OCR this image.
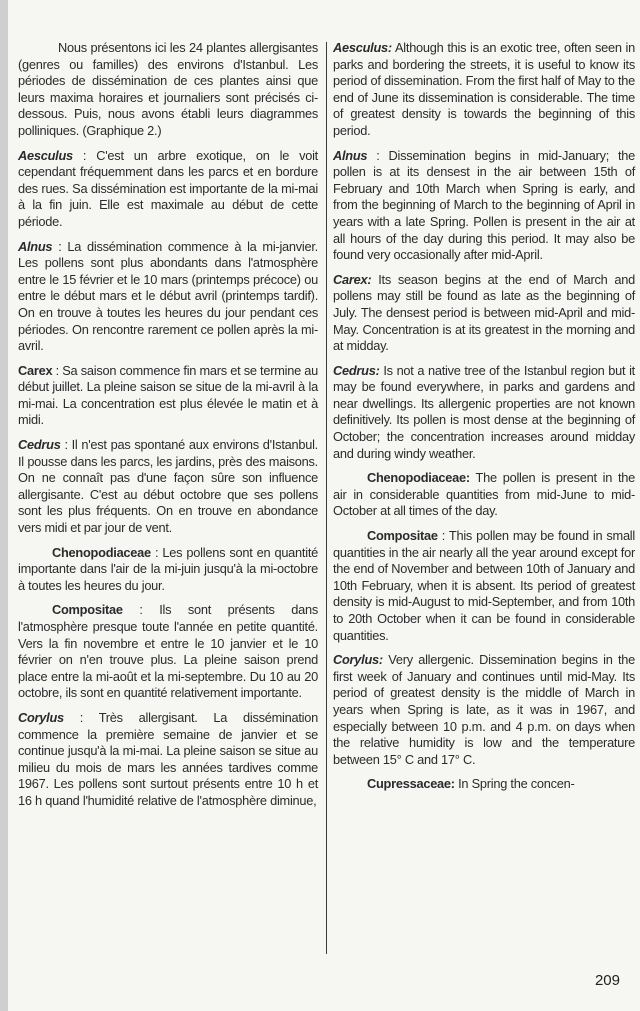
Nous présentons ici les 24 plantes allergisantes (genres ou familles) des environs d'Istanbul. Les périodes de dissémination de ces plantes ainsi que leurs maxima horaires et journaliers sont précisés ci-dessous. Puis, nous avons établi leurs diagrammes polliniques. (Graphique 2.)

Aesculus : C'est un arbre exotique, on le voit cependant fréquemment dans les parcs et en bordure des rues. Sa dissémination est importante de la mi-mai à la fin juin. Elle est maximale au début de cette période.

Alnus : La dissémination commence à la mi-janvier. Les pollens sont plus abondants dans l'atmosphère entre le 15 février et le 10 mars (printemps précoce) ou entre le début mars et le début avril (printemps tardif). On en trouve à toutes les heures du jour pendant ces périodes. On rencontre rarement ce pollen après la mi-avril.

Carex : Sa saison commence fin mars et se termine au début juillet. La pleine saison se situe de la mi-avril à la mi-mai. La concentration est plus élevée le matin et à midi.

Cedrus : Il n'est pas spontané aux environs d'Istanbul. Il pousse dans les parcs, les jardins, près des maisons. On ne connaît pas d'une façon sûre son influence allergisante. C'est au début octobre que ses pollens sont les plus fréquents. On en trouve en abondance vers midi et par jour de vent.

Chenopodiaceae : Les pollens sont en quantité importante dans l'air de la mi-juin jusqu'à la mi-octobre à toutes les heures du jour.

Compositae : Ils sont présents dans l'atmosphère presque toute l'année en petite quantité. Vers la fin novembre et entre le 10 janvier et le 10 février on n'en trouve plus. La pleine saison prend place entre la mi-août et la mi-septembre. Du 10 au 20 octobre, ils sont en quantité relativement importante.

Corylus : Très allergisant. La dissémination commence la première semaine de janvier et se continue jusqu'à la mi-mai. La pleine saison se situe au milieu du mois de mars les années tardives comme 1967. Les pollens sont surtout présents entre 10 h et 16 h quand l'humidité relative de l'atmosphère diminue,

Aesculus: Although this is an exotic tree, often seen in parks and bordering the streets, it is useful to know its period of dissemination. From the first half of May to the end of June its dissemination is considerable. The time of greatest density is towards the beginning of this period.

Alnus : Dissemination begins in mid-January; the pollen is at its densest in the air between 15th of February and 10th March when Spring is early, and from the beginning of March to the beginning of April in years with a late Spring. Pollen is present in the air at all hours of the day during this period. It may also be found very occasionally after mid-April.

Carex: Its season begins at the end of March and pollens may still be found as late as the beginning of July. The densest period is between mid-April and mid-May. Concentration is at its greatest in the morning and at midday.

Cedrus: Is not a native tree of the Istanbul region but it may be found everywhere, in parks and gardens and near dwellings. Its allergenic properties are not known definitively. Its pollen is most dense at the beginning of October; the concentration increases around midday and during windy weather.

Chenopodiaceae: The pollen is present in the air in considerable quantities from mid-June to mid-October at all times of the day.

Compositae : This pollen may be found in small quantities in the air nearly all the year around except for the end of November and between 10th of January and 10th February, when it is absent. Its period of greatest density is mid-August to mid-September, and from 10th to 20th October when it can be found in considerable quantities.

Corylus: Very allergenic. Dissemination begins in the first week of January and continues until mid-May. Its period of greatest density is the middle of March in years when Spring is late, as it was in 1967, and especially between 10 p.m. and 4 p.m. on days when the relative humidity is low and the temperature between 15° C and 17° C.

Cupressaceae: In Spring the concen-

209
